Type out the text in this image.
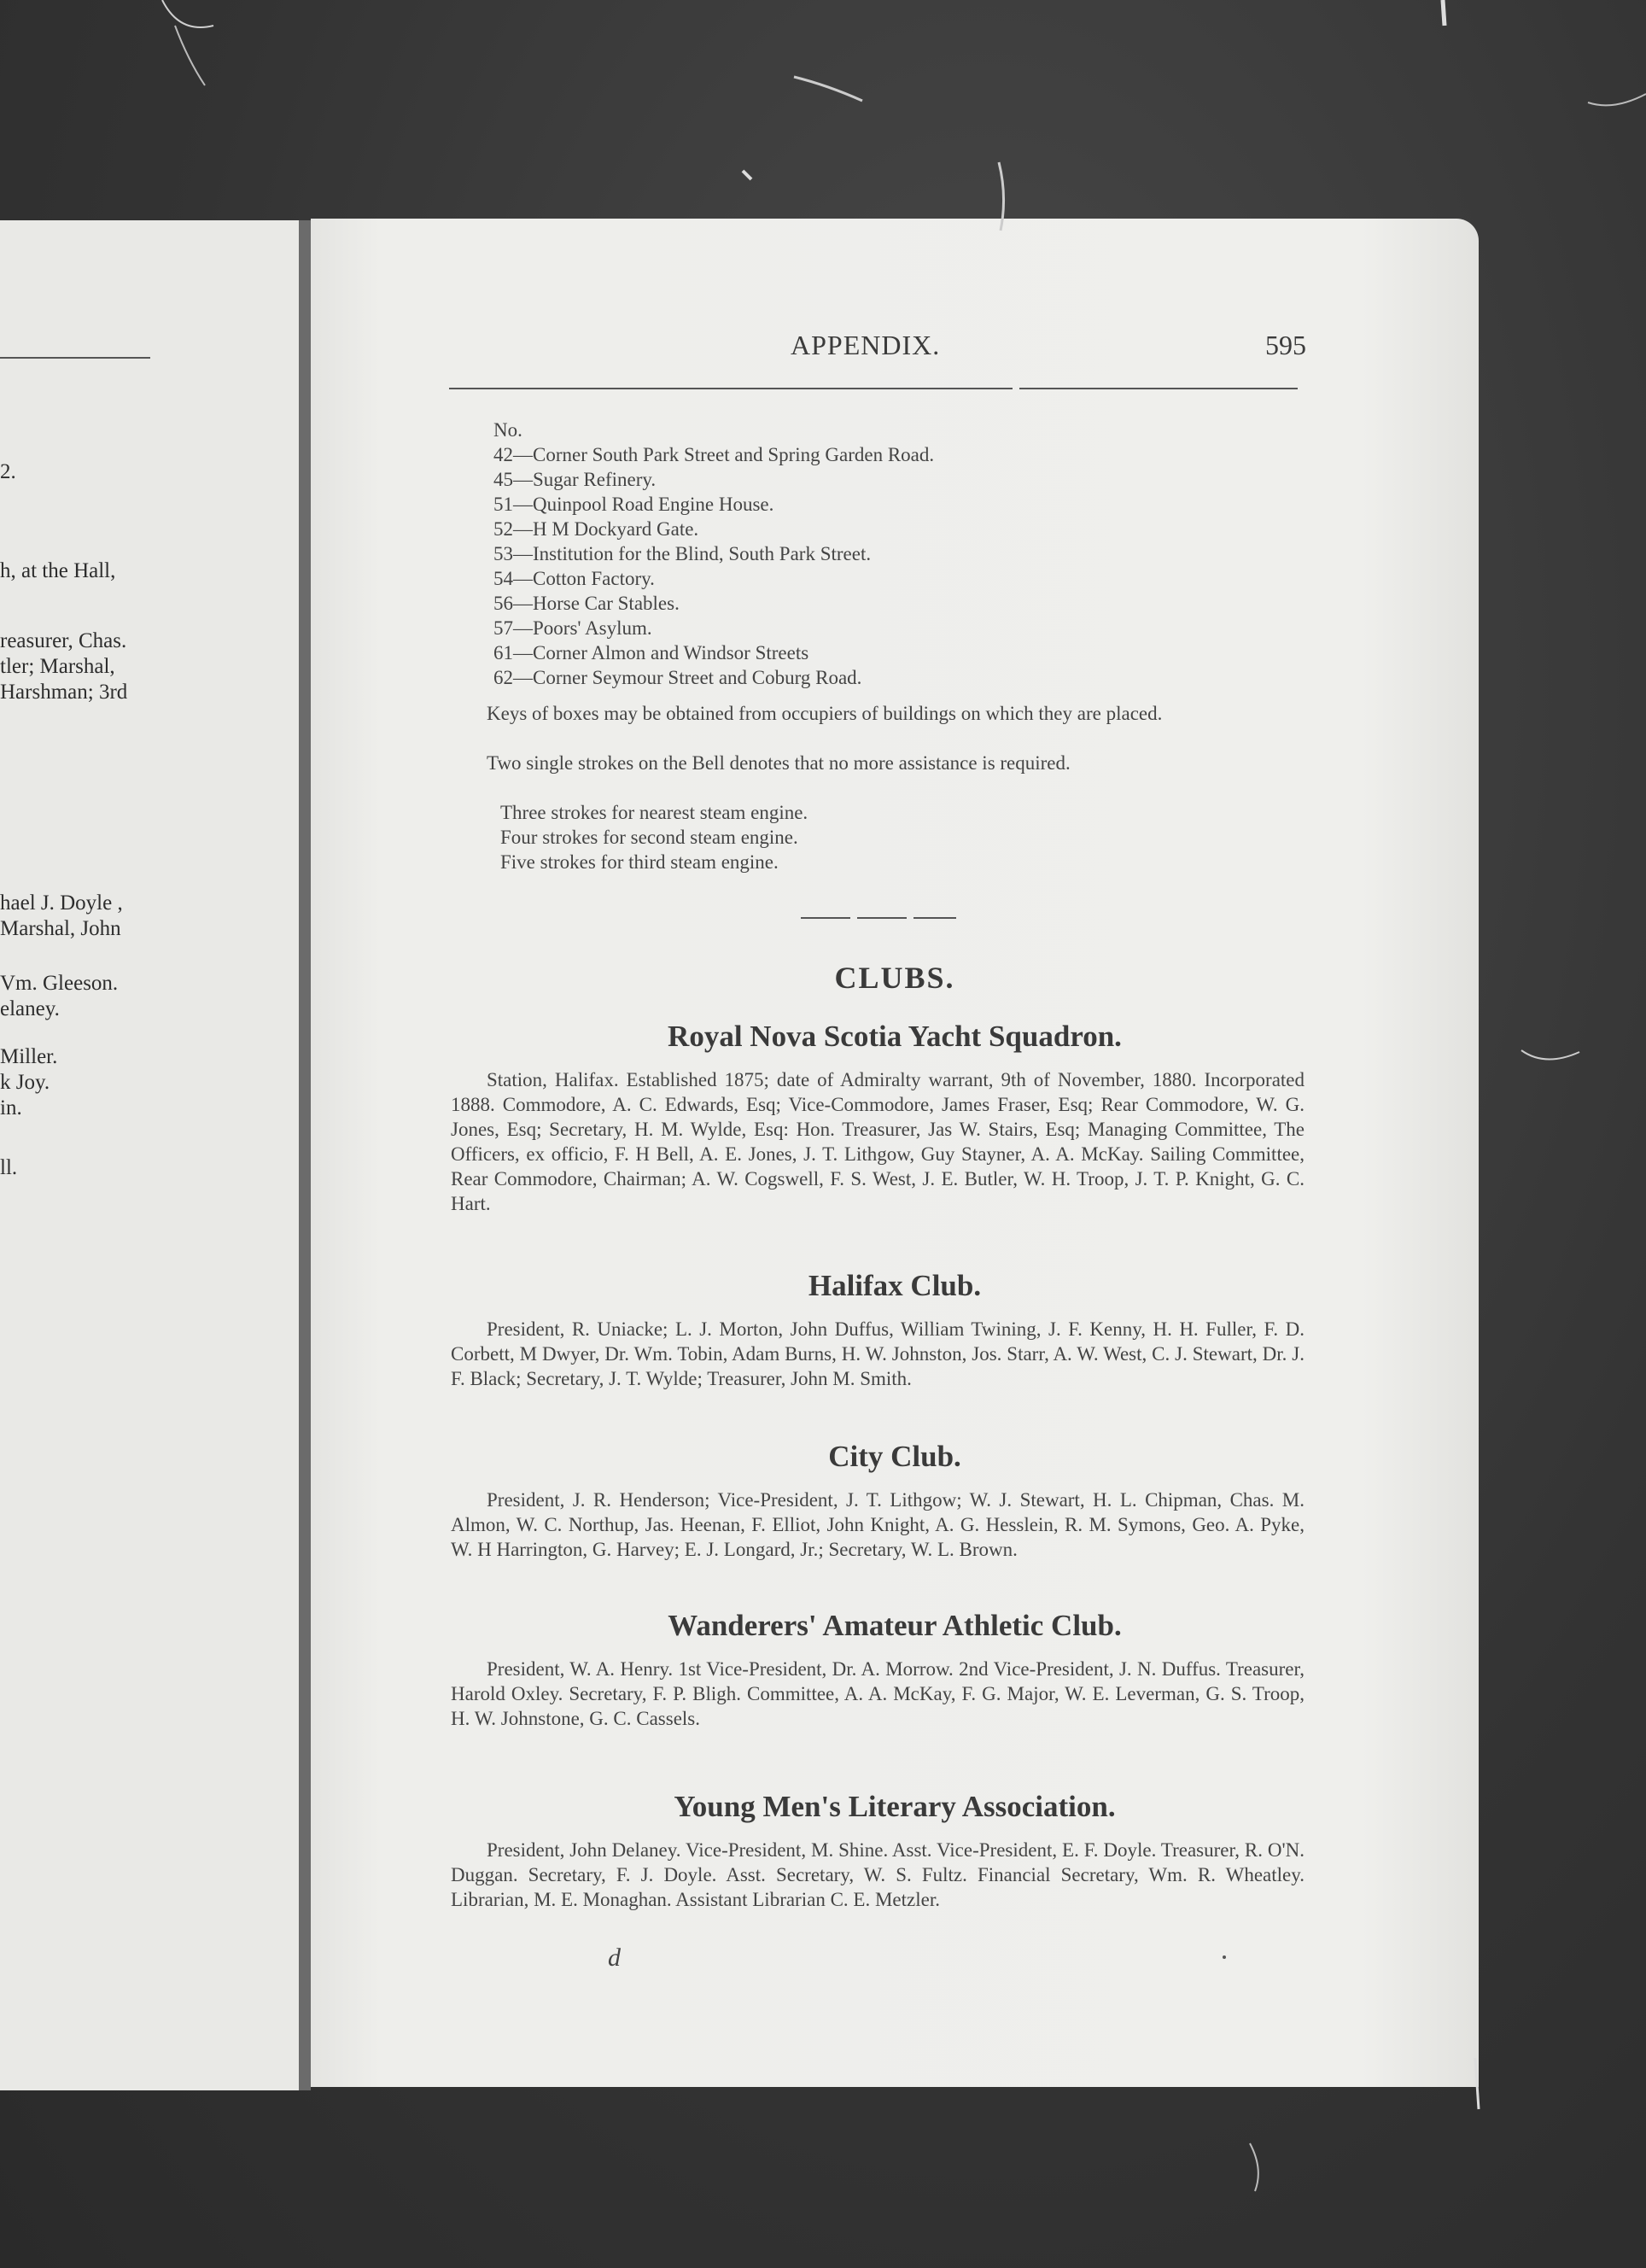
2.
h, at the Hall,
reasurer, Chas.
tler; Marshal,
Harshman; 3rd
hael J. Doyle ,
Marshal, John
Vm. Gleeson.
elaney.
Miller.
k Joy.
in.
ll.
APPENDIX.	595
No.
42—Corner South Park Street and Spring Garden Road.
45—Sugar Refinery.
51—Quinpool Road Engine House.
52—H M Dockyard Gate.
53—Institution for the Blind, South Park Street.
54—Cotton Factory.
56—Horse Car Stables.
57—Poors' Asylum.
61—Corner Almon and Windsor Streets
62—Corner Seymour Street and Coburg Road.

Keys of boxes may be obtained from occupiers of buildings on which they are placed.

Two single strokes on the Bell denotes that no more assistance is required.

Three strokes for nearest steam engine.

Four strokes for second steam engine.

Five strokes for third steam engine.

CLUBS.
Royal Nova Scotia Yacht Squadron.

Station, Halifax. Established 1875; date of Admiralty warrant, 9th of November, 1880. Incorporated 1888. Commodore, A. C. Edwards, Esq; Vice-Commodore, James Fraser, Esq; Rear Commodore, W. G. Jones, Esq; Secretary, H. M. Wylde, Esq: Hon. Treasurer, Jas W. Stairs, Esq; Managing Committee, The Officers, ex officio, F. H Bell, A. E. Jones, J. T. Lithgow, Guy Stayner, A. A. McKay. Sailing Committee, Rear Commodore, Chairman; A. W. Cogswell, F. S. West, J. E. Butler, W. H. Troop, J. T. P. Knight, G. C. Hart.

Halifax Club.

President, R. Uniacke; L. J. Morton, John Duffus, William Twining, J. F. Kenny, H. H. Fuller, F. D. Corbett, M Dwyer, Dr. Wm. Tobin, Adam Burns, H. W. Johnston, Jos. Starr, A. W. West, C. J. Stewart, Dr. J. F. Black; Secretary, J. T. Wylde; Treasurer, John M. Smith.

City Club.

President, J. R. Henderson; Vice-President, J. T. Lithgow; W. J. Stewart, H. L. Chipman, Chas. M. Almon, W. C. Northup, Jas. Heenan, F. Elliot, John Knight, A. G. Hesslein, R. M. Symons, Geo. A. Pyke, W. H Harrington, G. Harvey; E. J. Longard, Jr.; Secretary, W. L. Brown.

Wanderers' Amateur Athletic Club.

President, W. A. Henry. 1st Vice-President, Dr. A. Morrow. 2nd Vice-President, J. N. Duffus. Treasurer, Harold Oxley. Secretary, F. P. Bligh. Committee, A. A. McKay, F. G. Major, W. E. Leverman, G. S. Troop, H. W. Johnstone, G. C. Cassels.

Young Men's Literary Association.

President, John Delaney. Vice-President, M. Shine. Asst. Vice-President, E. F. Doyle. Treasurer, R. O'N. Duggan. Secretary, F. J. Doyle. Asst. Secretary, W. S. Fultz. Financial Secretary, Wm. R. Wheatley. Librarian, M. E. Monaghan. Assistant Librarian C. E. Metzler.

d
